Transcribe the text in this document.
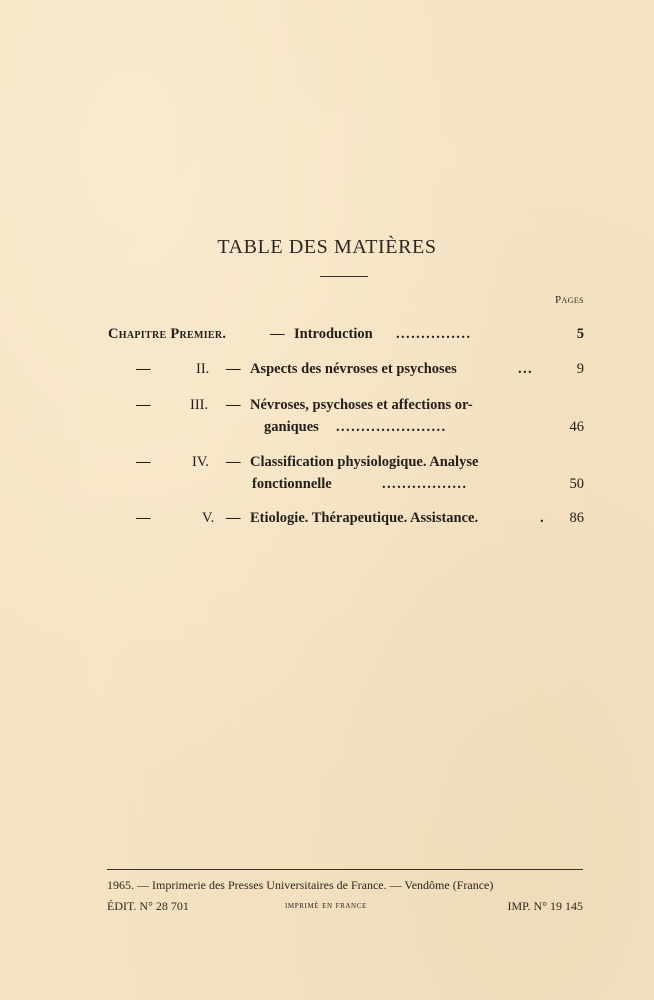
TABLE DES MATIÈRES
Pages
Chapitre Premier.	— Introduction ...............	5
—	II. — Aspects des névroses et psychoses	...	9
—	III. — Névroses, psychoses et affections or-
ganiques ......................	46
—	IV. — Classification physiologique. Analyse
fonctionnelle	.................	50
—	V. — Etiologie. Thérapeutique. Assistance.	.	86
1965. — Imprimerie des Presses Universitaires de France. — Vendôme (France)
ÉDIT. N° 28 701	imprimé en france	IMP. N° 19 145
